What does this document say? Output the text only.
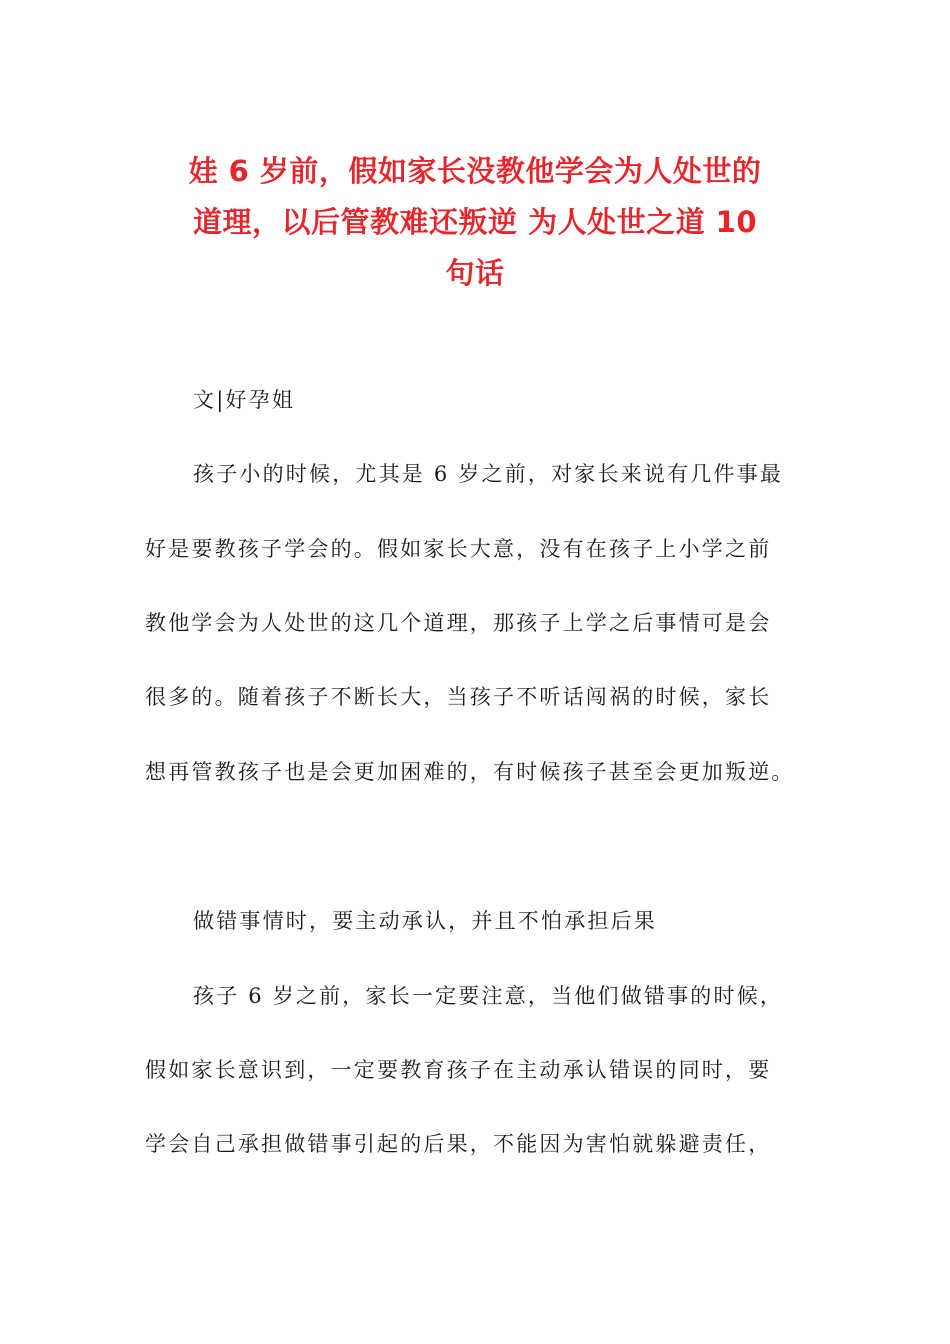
娃 6 岁前，假如家长没教他学会为人处世的
道理，以后管教难还叛逆 为人处世之道 10
句话
文|好孕姐
孩子小的时候，尤其是 6 岁之前，对家长来说有几件事最
好是要教孩子学会的。假如家长大意，没有在孩子上小学之前
教他学会为人处世的这几个道理，那孩子上学之后事情可是会
很多的。随着孩子不断长大，当孩子不听话闯祸的时候，家长
想再管教孩子也是会更加困难的，有时候孩子甚至会更加叛逆。
做错事情时，要主动承认，并且不怕承担后果
孩子 6 岁之前，家长一定要注意，当他们做错事的时候，
假如家长意识到，一定要教育孩子在主动承认错误的同时，要
学会自己承担做错事引起的后果，不能因为害怕就躲避责任，
